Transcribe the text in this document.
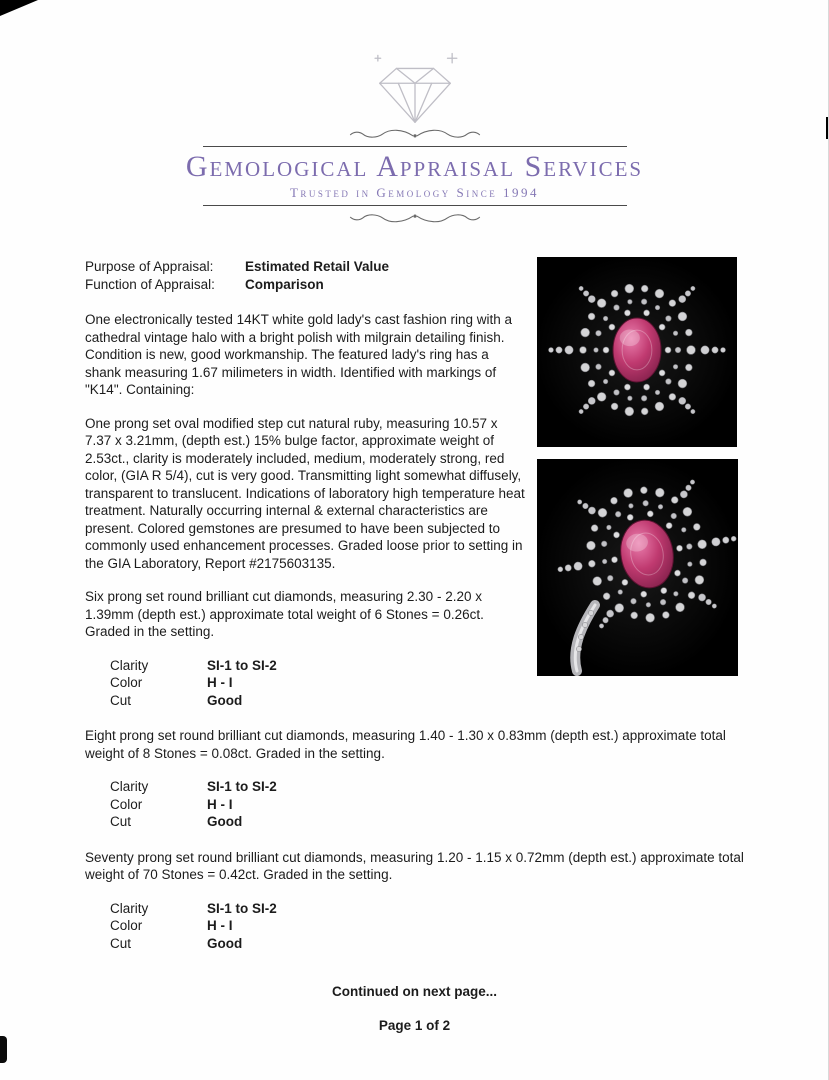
Gemological Appraisal Services
Trusted in Gemology Since 1994
Purpose of Appraisal: Estimated Retail Value
Function of Appraisal: Comparison

One electronically tested 14KT white gold lady's cast fashion ring with a cathedral vintage halo with a bright polish with milgrain detailing finish. Condition is new, good workmanship. The featured lady's ring has a shank measuring 1.67 milimeters in width. Identified with markings of "K14". Containing:

One prong set oval modified step cut natural ruby, measuring 10.57 x 7.37 x 3.21mm, (depth est.) 15% bulge factor, approximate weight of 2.53ct., clarity is moderately included, medium, moderately strong, red color, (GIA R 5/4), cut is very good. Transmitting light somewhat diffusely, transparent to translucent. Indications of laboratory high temperature heat treatment. Naturally occurring internal & external characteristics are present. Colored gemstones are presumed to have been subjected to commonly used enhancement processes. Graded loose prior to setting in the GIA Laboratory, Report #2175603135.

Six prong set round brilliant cut diamonds, measuring 2.30 - 2.20 x 1.39mm (depth est.) approximate total weight of 6 Stones = 0.26ct. Graded in the setting.

Clarity	SI-1 to SI-2
Color	H - I
Cut	Good

Eight prong set round brilliant cut diamonds, measuring 1.40 - 1.30 x 0.83mm (depth est.) approximate total weight of 8 Stones = 0.08ct. Graded in the setting.

Clarity	SI-1 to SI-2
Color	H - I
Cut	Good

Seventy prong set round brilliant cut diamonds, measuring 1.20 - 1.15 x 0.72mm (depth est.) approximate total weight of 70 Stones = 0.42ct. Graded in the setting.

Clarity	SI-1 to SI-2
Color	H - I
Cut	Good
Continued on next page...
Page 1 of 2
